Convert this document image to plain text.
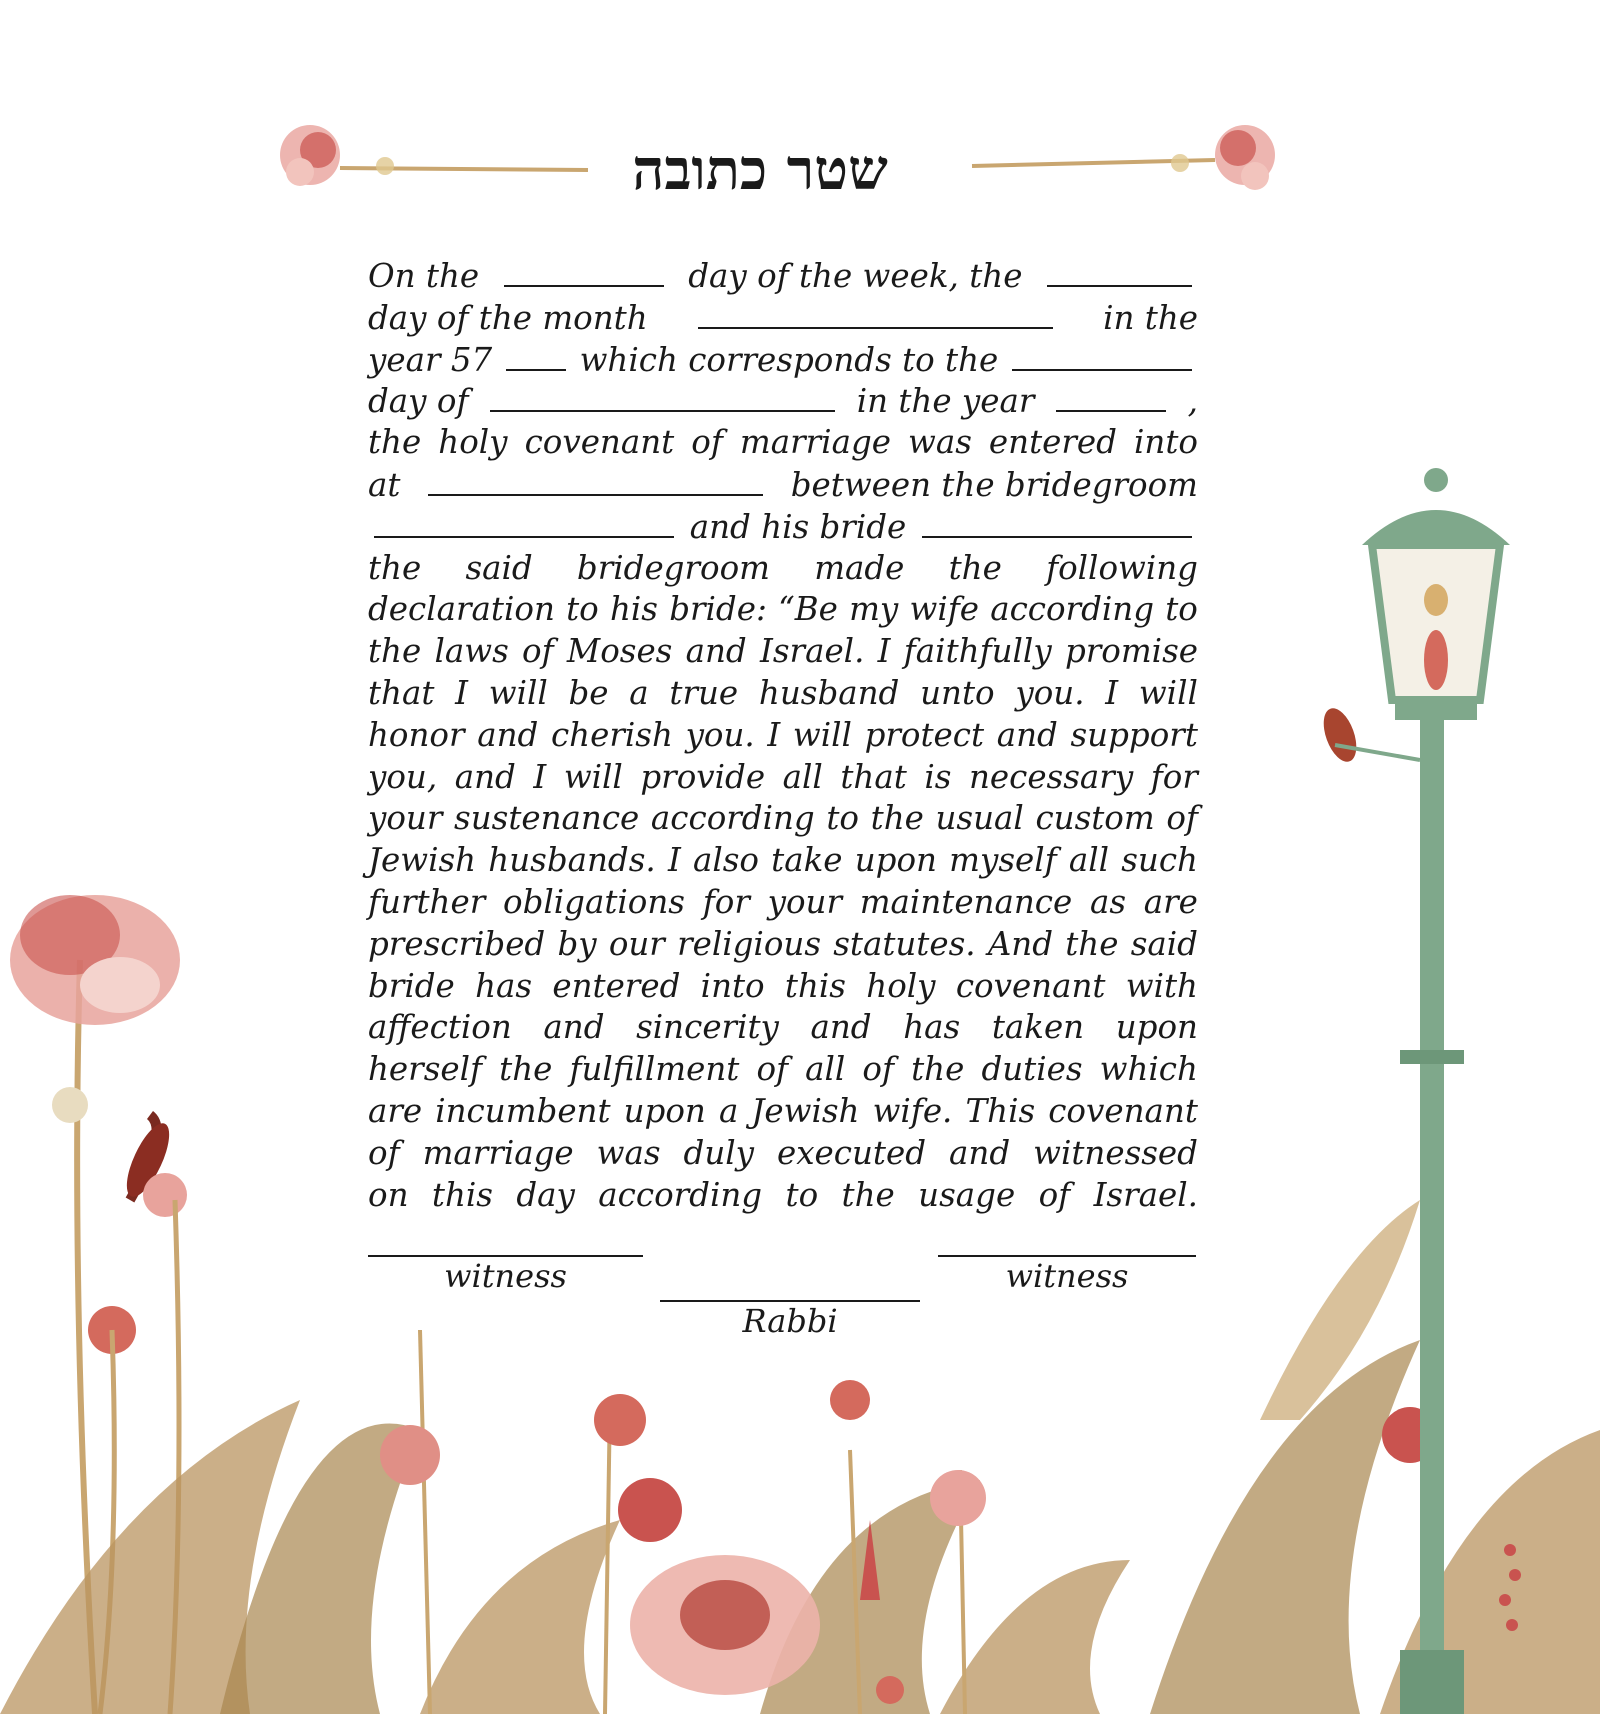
שטר כתובה
On the	day of the week, the
day of the month	in the
year 57	which corresponds to the
day of	in the year	,
the holy covenant of marriage was entered into
at	between the bridegroom
and his bride
the said bridegroom made the following
declaration to his bride: “Be my wife according to
the laws of Moses and Israel. I faithfully promise
that I will be a true husband unto you. I will
honor and cherish you. I will protect and support
you, and I will provide all that is necessary for
your sustenance according to the usual custom of
Jewish husbands. I also take upon myself all such
further obligations for your maintenance as are
prescribed by our religious statutes. And the said
bride has entered into this holy covenant with
affection and sincerity and has taken upon
herself the fulfillment of all of the duties which
are incumbent upon a Jewish wife. This covenant
of marriage was duly executed and witnessed
on this day according to the usage of Israel.
witness
Rabbi
witness
